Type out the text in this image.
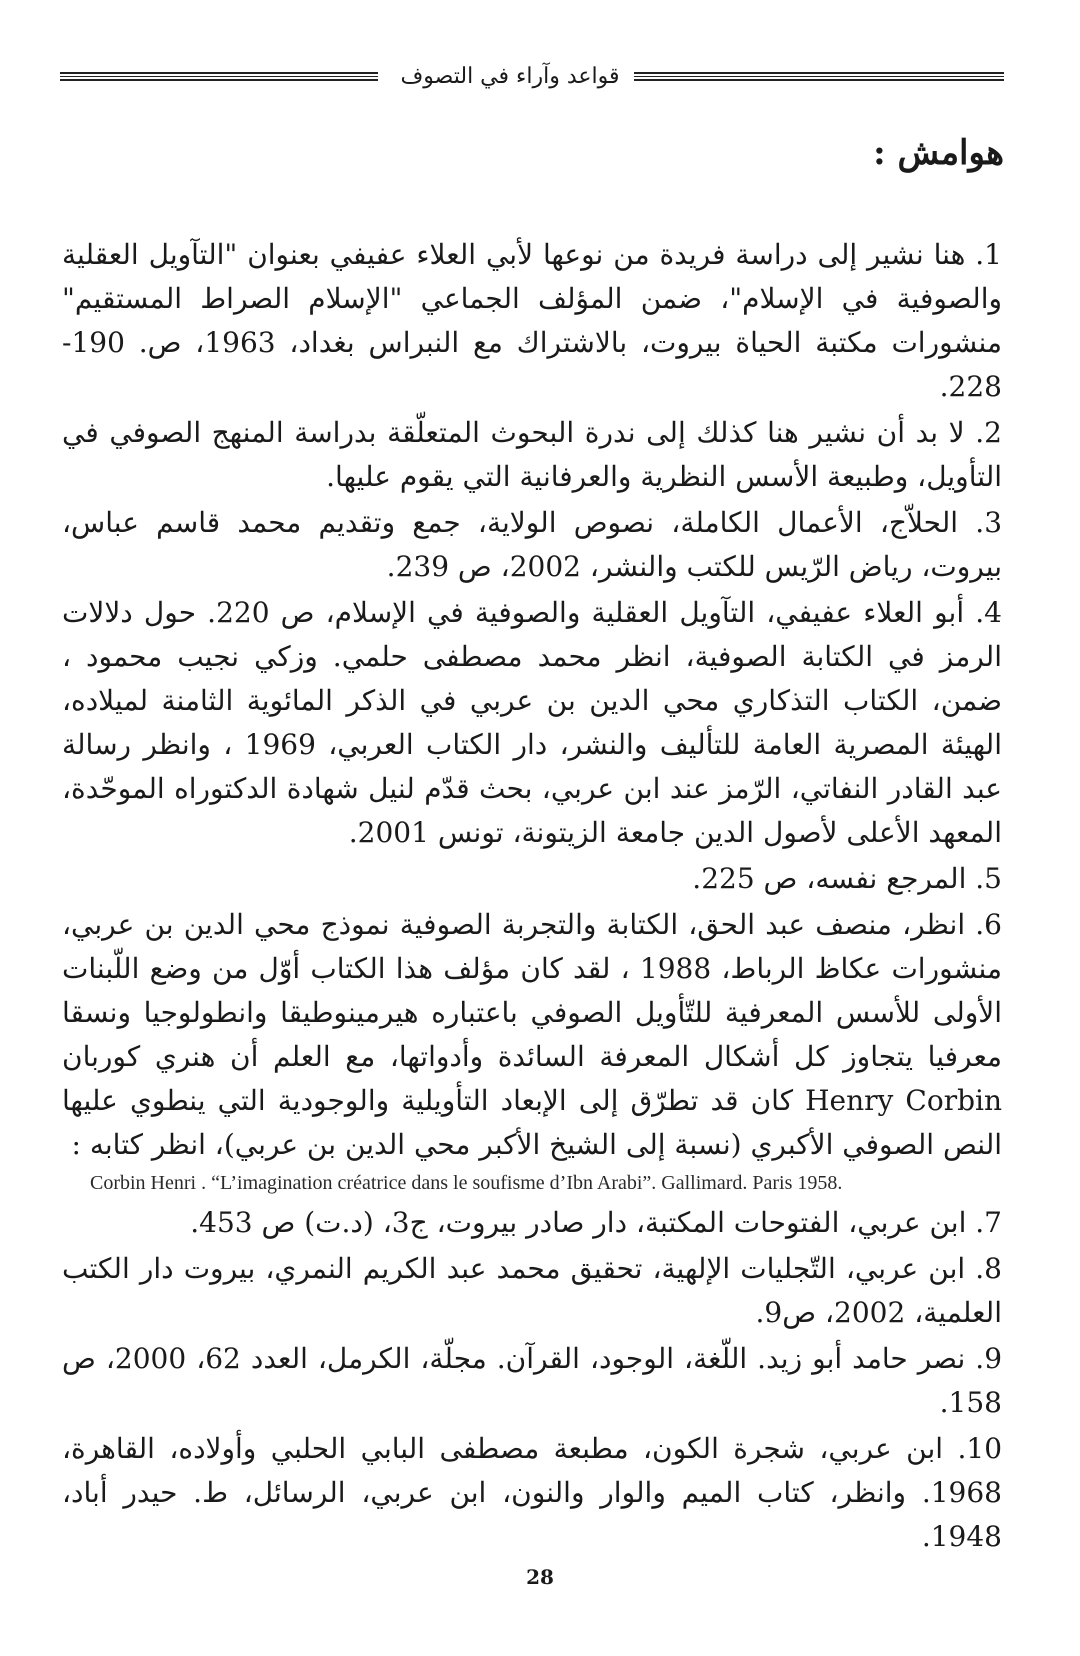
قواعد وآراء في التصوف
هوامش :

1. هنا نشير إلى دراسة فريدة من نوعها لأبي العلاء عفيفي بعنوان "التآويل العقلية والصوفية في الإسلام"، ضمن المؤلف الجماعي "الإسلام الصراط المستقيم" منشورات مكتبة الحياة بيروت، بالاشتراك مع النبراس بغداد، 1963، ص. 190-228.

2. لا بد أن نشير هنا كذلك إلى ندرة البحوث المتعلّقة بدراسة المنهج الصوفي في التأويل، وطبيعة الأسس النظرية والعرفانية التي يقوم عليها.

3. الحلاّج، الأعمال الكاملة، نصوص الولاية، جمع وتقديم محمد قاسم عباس، بيروت، رياض الرّيس للكتب والنشر، 2002، ص 239.

4. أبو العلاء عفيفي، التآويل العقلية والصوفية في الإسلام، ص 220. حول دلالات الرمز في الكتابة الصوفية، انظر محمد مصطفى حلمي. وزكي نجيب محمود ، ضمن، الكتاب التذكاري محي الدين بن عربي في الذكر المائوية الثامنة لميلاده، الهيئة المصرية العامة للتأليف والنشر، دار الكتاب العربي، 1969 ، وانظر رسالة عبد القادر النفاتي، الرّمز عند ابن عربي، بحث قدّم لنيل شهادة الدكتوراه الموحّدة، المعهد الأعلى لأصول الدين جامعة الزيتونة، تونس 2001.

5. المرجع نفسه، ص 225.

6. انظر، منصف عبد الحق، الكتابة والتجربة الصوفية نموذج محي الدين بن عربي، منشورات عكاظ الرباط، 1988 ، لقد كان مؤلف هذا الكتاب أوّل من وضع اللّبنات الأولى للأسس المعرفية للتّأويل الصوفي باعتباره هيرمينوطيقا وانطولوجيا ونسقا معرفيا يتجاوز كل أشكال المعرفة السائدة وأدواتها، مع العلم أن هنري كوربان Henry Corbin كان قد تطرّق إلى الإبعاد التأويلية والوجودية التي ينطوي عليها النص الصوفي الأكبري (نسبة إلى الشيخ الأكبر محي الدين بن عربي)، انظر كتابه :

Corbin Henri . “L’imagination créatrice dans le soufisme d’Ibn Arabi”. Gallimard. Paris 1958.

7. ابن عربي، الفتوحات المكتبة، دار صادر بيروت، ج3، (د.ت) ص 453.

8. ابن عربي، التّجليات الإلهية، تحقيق محمد عبد الكريم النمري، بيروت دار الكتب العلمية، 2002، ص9.

9. نصر حامد أبو زيد. اللّغة، الوجود، القرآن. مجلّة، الكرمل، العدد 62، 2000، ص 158.

10. ابن عربي، شجرة الكون، مطبعة مصطفى البابي الحلبي وأولاده، القاهرة، 1968. وانظر، كتاب الميم والوار والنون، ابن عربي، الرسائل، ط. حيدر أباد، 1948.

28
